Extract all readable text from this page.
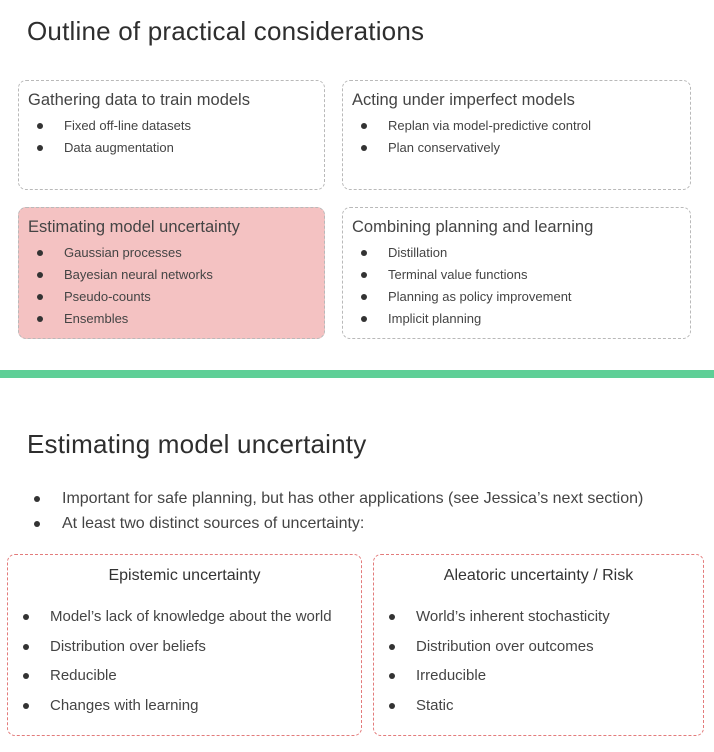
Outline of practical considerations
Gathering data to train models
Fixed off-line datasets
Data augmentation
Acting under imperfect models
Replan via model-predictive control
Plan conservatively
Estimating model uncertainty
Gaussian processes
Bayesian neural networks
Pseudo-counts
Ensembles
Combining planning and learning
Distillation
Terminal value functions
Planning as policy improvement
Implicit planning
Estimating model uncertainty
Important for safe planning, but has other applications (see Jessica’s next section)
At least two distinct sources of uncertainty:
Epistemic uncertainty
Model’s lack of knowledge about the world
Distribution over beliefs
Reducible
Changes with learning
Aleatoric uncertainty / Risk
World’s inherent stochasticity
Distribution over outcomes
Irreducible
Static
